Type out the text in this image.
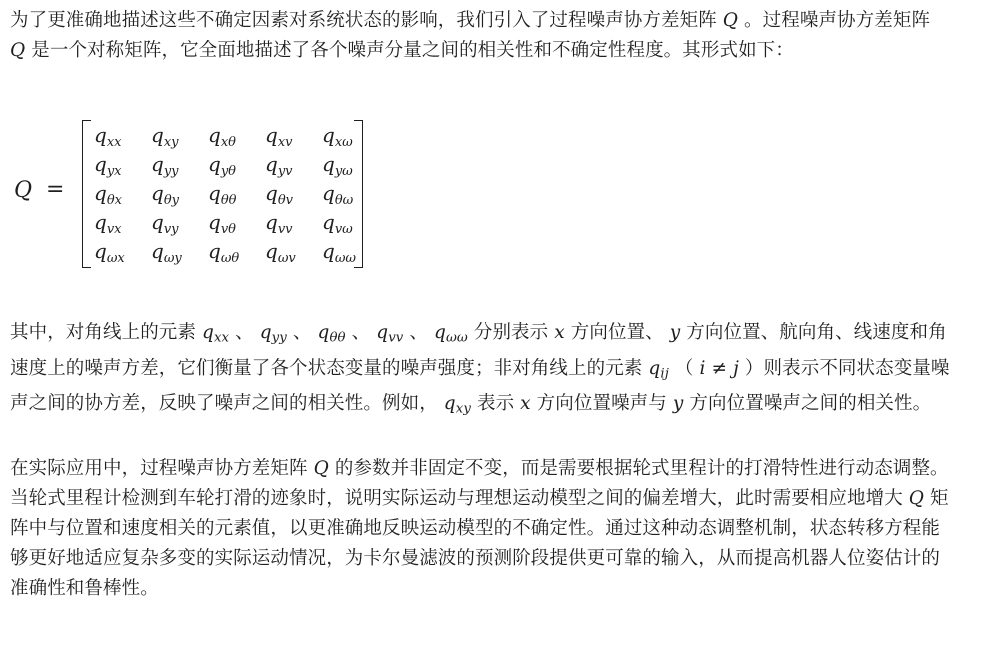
为了更准确地描述这些不确定因素对系统状态的影响，我们引入了过程噪声协方差矩阵 Q 。过程噪声协方差矩阵 Q 是一个对称矩阵，它全面地描述了各个噪声分量之间的相关性和不确定性程度。其形式如下：

Q =
$q_{xx}$	$q_{xy}$	$q_{x\theta}$	$q_{xv}$	$q_{x\omega}$
$q_{yx}$	$q_{yy}$	$q_{y\theta}$	$q_{yv}$	$q_{y\omega}$
$q_{\theta x}$	$q_{\theta y}$	$q_{\theta\theta}$	$q_{\theta v}$	$q_{\theta\omega}$
$q_{vx}$	$q_{vy}$	$q_{v\theta}$	$q_{vv}$	$q_{v\omega}$
$q_{\omega x}$	$q_{\omega y}$	$q_{\omega\theta}$	$q_{\omega v}$	$q_{\omega\omega}$

其中，对角线上的元素 $q_{xx}$ 、 $q_{yy}$ 、 $q_{\theta\theta}$ 、 $q_{vv}$ 、 $q_{\omega\omega}$ 分别表示 x 方向位置、 y 方向位置、航向角、线速度和角速度上的噪声方差，它们衡量了各个状态变量的噪声强度；非对角线上的元素 $q_{ij}$ （ i ≠ j ）则表示不同状态变量噪声之间的协方差，反映了噪声之间的相关性。例如， $q_{xy}$ 表示 x 方向位置噪声与 y 方向位置噪声之间的相关性。

在实际应用中，过程噪声协方差矩阵 Q 的参数并非固定不变，而是需要根据轮式里程计的打滑特性进行动态调整。当轮式里程计检测到车轮打滑的迹象时，说明实际运动与理想运动模型之间的偏差增大，此时需要相应地增大 Q 矩阵中与位置和速度相关的元素值，以更准确地反映运动模型的不确定性。通过这种动态调整机制，状态转移方程能够更好地适应复杂多变的实际运动情况，为卡尔曼滤波的预测阶段提供更可靠的输入，从而提高机器人位姿估计的准确性和鲁棒性。
